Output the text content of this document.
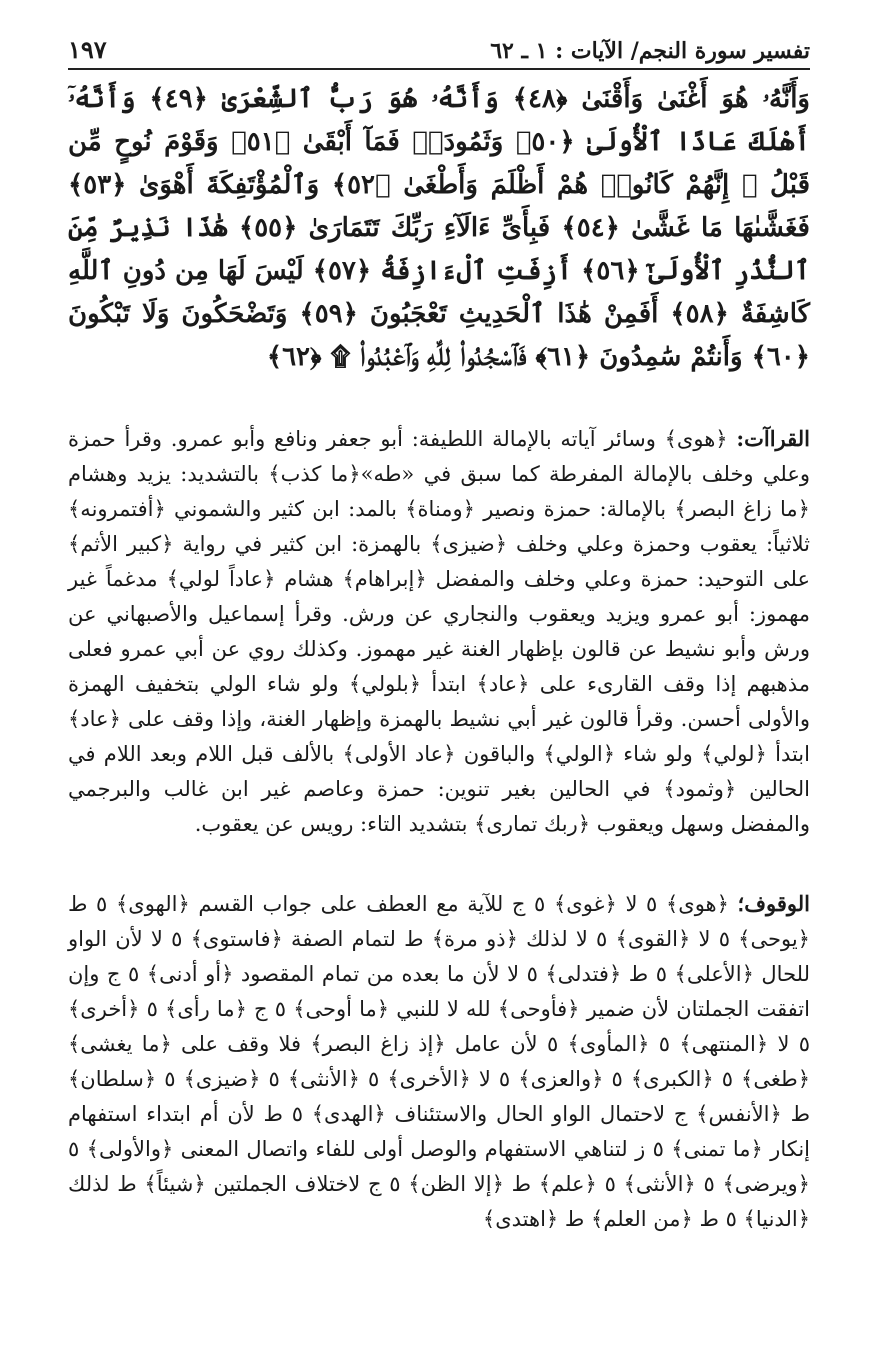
تفسير سورة النجم/ الآيات : ١ ـ ٦٢
١٩٧

وَأَنَّهُۥ هُوَ أَغْنَىٰ وَأَقْنَىٰ ﴿٤٨﴾ وَأَنَّهُۥ هُوَ رَبُّ ٱلشِّعْرَىٰ ﴿٤٩﴾ وَأَنَّهُۥٓ أَهْلَكَ عَادًا ٱلْأُولَىٰ ﴿٥٠﴾ وَثَمُودَا۟ فَمَآ أَبْقَىٰ ﴿٥١﴾ وَقَوْمَ نُوحٍ مِّن قَبْلُ ۖ إِنَّهُمْ كَانُوا۟ هُمْ أَظْلَمَ وَأَطْغَىٰ ﴿٥٢﴾ وَٱلْمُؤْتَفِكَةَ أَهْوَىٰ ﴿٥٣﴾ فَغَشَّىٰهَا مَا غَشَّىٰ ﴿٥٤﴾ فَبِأَىِّ ءَالَآءِ رَبِّكَ تَتَمَارَىٰ ﴿٥٥﴾ هَٰذَا نَذِيرٌ مِّنَ ٱلنُّذُرِ ٱلْأُولَىٰٓ ﴿٥٦﴾ أَزِفَتِ ٱلْءَازِفَةُ ﴿٥٧﴾ لَيْسَ لَهَا مِن دُونِ ٱللَّهِ كَاشِفَةٌ ﴿٥٨﴾ أَفَمِنْ هَٰذَا ٱلْحَدِيثِ تَعْجَبُونَ ﴿٥٩﴾ وَتَضْحَكُونَ وَلَا تَبْكُونَ ﴿٦٠﴾ وَأَنتُمْ سَٰمِدُونَ ﴿٦١﴾ فَٱسْجُدُوا۟ لِلَّهِ وَٱعْبُدُوا۟ ۩ ﴿٦٢﴾

القراآت: ﴿هوى﴾ وسائر آياته بالإمالة اللطيفة: أبو جعفر ونافع وأبو عمرو. وقرأ حمزة وعلي وخلف بالإمالة المفرطة كما سبق في «طه»﴿ما كذب﴾ بالتشديد: يزيد وهشام ﴿ما زاغ البصر﴾ بالإمالة: حمزة ونصير ﴿ومناة﴾ بالمد: ابن كثير والشموني ﴿أفتمرونه﴾ ثلاثياً: يعقوب وحمزة وعلي وخلف ﴿ضيزى﴾ بالهمزة: ابن كثير في رواية ﴿كبير الأثم﴾ على التوحيد: حمزة وعلي وخلف والمفضل ﴿إبراهام﴾ هشام ﴿عاداً لولي﴾ مدغماً غير مهموز: أبو عمرو ويزيد ويعقوب والنجاري عن ورش. وقرأ إسماعيل والأصبهاني عن ورش وأبو نشيط عن قالون بإظهار الغنة غير مهموز. وكذلك روي عن أبي عمرو فعلى مذهبهم إذا وقف القارىء على ﴿عاد﴾ ابتدأ ﴿بلولي﴾ ولو شاء الولي بتخفيف الهمزة والأولى أحسن. وقرأ قالون غير أبي نشيط بالهمزة وإظهار الغنة، وإذا وقف على ﴿عاد﴾ ابتدأ ﴿لولي﴾ ولو شاء ﴿الولي﴾ والباقون ﴿عاد الأولى﴾ بالألف قبل اللام وبعد اللام في الحالين ﴿وثمود﴾ في الحالين بغير تنوين: حمزة وعاصم غير ابن غالب والبرجمي والمفضل وسهل ويعقوب ﴿ربك تمارى﴾ بتشديد التاء: رويس عن يعقوب.

الوقوف؛ ﴿هوى﴾ ٥ لا ﴿غوى﴾ ٥ ج للآية مع العطف على جواب القسم ﴿الهوى﴾ ٥ ط ﴿يوحى﴾ ٥ لا ﴿القوى﴾ ٥ لا لذلك ﴿ذو مرة﴾ ط لتمام الصفة ﴿فاستوى﴾ ٥ لا لأن الواو للحال ﴿الأعلى﴾ ٥ ط ﴿فتدلى﴾ ٥ لا لأن ما بعده من تمام المقصود ﴿أو أدنى﴾ ٥ ج وإن اتفقت الجملتان لأن ضمير ﴿فأوحى﴾ لله لا للنبي ﴿ما أوحى﴾ ٥ ج ﴿ما رأى﴾ ٥ ﴿أخرى﴾ ٥ لا ﴿المنتهى﴾ ٥ ﴿المأوى﴾ ٥ لأن عامل ﴿إذ زاغ البصر﴾ فلا وقف على ﴿ما يغشى﴾ ﴿طغى﴾ ٥ ﴿الكبرى﴾ ٥ ﴿والعزى﴾ ٥ لا ﴿الأخرى﴾ ٥ ﴿الأنثى﴾ ٥ ﴿ضيزى﴾ ٥ ﴿سلطان﴾ ط ﴿الأنفس﴾ ج لاحتمال الواو الحال والاستئناف ﴿الهدى﴾ ٥ ط لأن أم ابتداء استفهام إنكار ﴿ما تمنى﴾ ٥ ز لتناهي الاستفهام والوصل أولى للفاء واتصال المعنى ﴿والأولى﴾ ٥ ﴿ويرضى﴾ ٥ ﴿الأنثى﴾ ٥ ﴿علم﴾ ط ﴿إلا الظن﴾ ٥ ج لاختلاف الجملتين ﴿شيئاً﴾ ط لذلك ﴿الدنيا﴾ ٥ ط ﴿من العلم﴾ ط ﴿اهتدى﴾
